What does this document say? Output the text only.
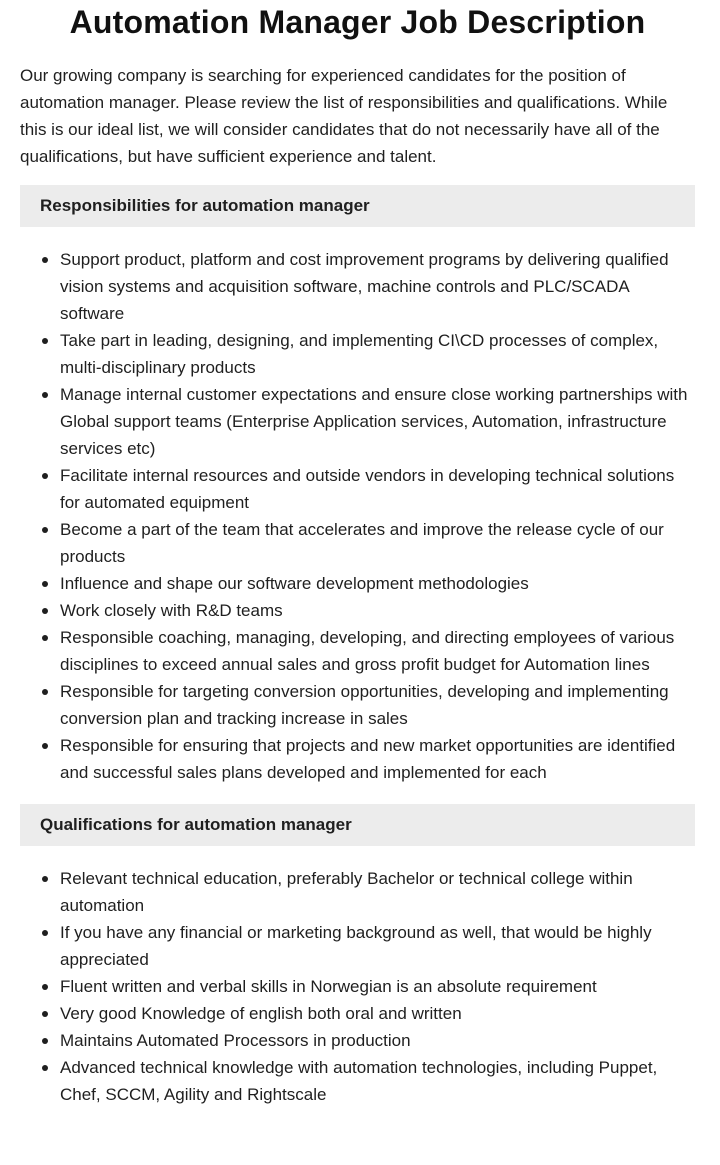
Automation Manager Job Description

Our growing company is searching for experienced candidates for the position of automation manager. Please review the list of responsibilities and qualifications. While this is our ideal list, we will consider candidates that do not necessarily have all of the qualifications, but have sufficient experience and talent.

Responsibilities for automation manager
Support product, platform and cost improvement programs by delivering qualified vision systems and acquisition software, machine controls and PLC/SCADA software
Take part in leading, designing, and implementing CI\CD processes of complex, multi-disciplinary products
Manage internal customer expectations and ensure close working partnerships with Global support teams (Enterprise Application services, Automation, infrastructure services etc)
Facilitate internal resources and outside vendors in developing technical solutions for automated equipment
Become a part of the team that accelerates and improve the release cycle of our products
Influence and shape our software development methodologies
Work closely with R&D teams
Responsible coaching, managing, developing, and directing employees of various disciplines to exceed annual sales and gross profit budget for Automation lines
Responsible for targeting conversion opportunities, developing and implementing conversion plan and tracking increase in sales
Responsible for ensuring that projects and new market opportunities are identified and successful sales plans developed and implemented for each
Qualifications for automation manager
Relevant technical education, preferably Bachelor or technical college within automation
If you have any financial or marketing background as well, that would be highly appreciated
Fluent written and verbal skills in Norwegian is an absolute requirement
Very good Knowledge of english both oral and written
Maintains Automated Processors in production
Advanced technical knowledge with automation technologies, including Puppet, Chef, SCCM, Agility and Rightscale
